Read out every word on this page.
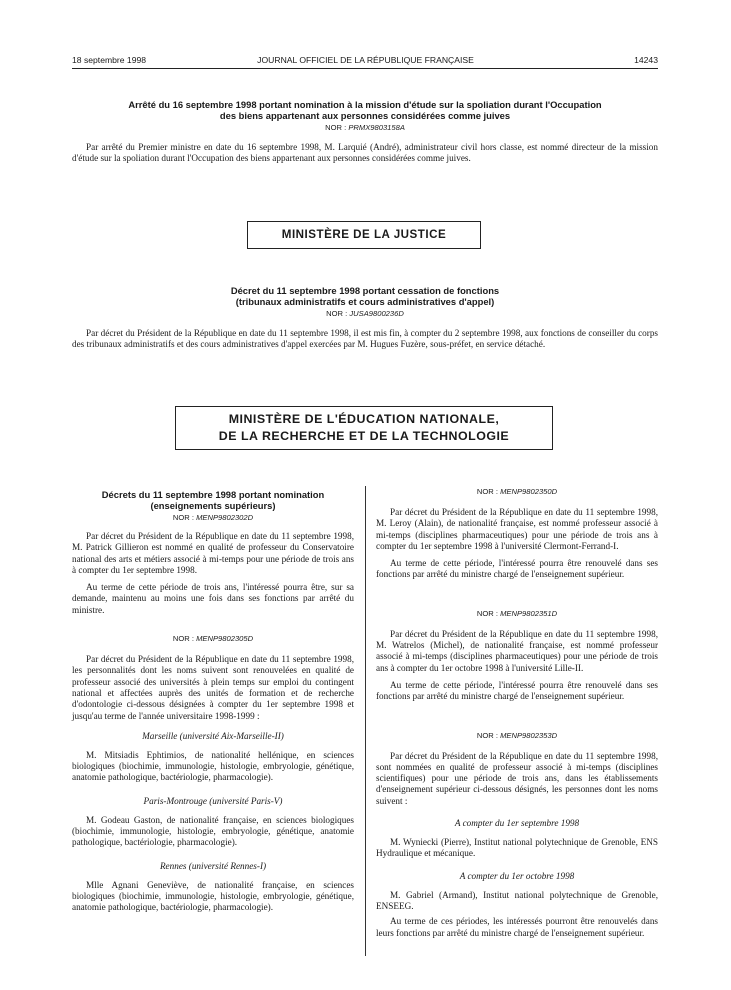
18 septembre 1998	JOURNAL OFFICIEL DE LA RÉPUBLIQUE FRANÇAISE	14243
Arrêté du 16 septembre 1998 portant nomination à la mission d'étude sur la spoliation durant l'Occupation
des biens appartenant aux personnes considérées comme juives
NOR : PRMX9803158A

Par arrêté du Premier ministre en date du 16 septembre 1998, M. Larquié (André), administrateur civil hors classe, est nommé directeur de la mission d'étude sur la spoliation durant l'Occupation des biens appartenant aux personnes considérées comme juives.

MINISTÈRE DE LA JUSTICE
Décret du 11 septembre 1998 portant cessation de fonctions
(tribunaux administratifs et cours administratives d'appel)
NOR : JUSA9800236D

Par décret du Président de la République en date du 11 septembre 1998, il est mis fin, à compter du 2 septembre 1998, aux fonctions de conseiller du corps des tribunaux administratifs et des cours administratives d'appel exercées par M. Hugues Fuzère, sous-préfet, en service détaché.

MINISTÈRE DE L'ÉDUCATION NATIONALE,
DE LA RECHERCHE ET DE LA TECHNOLOGIE
Décrets du 11 septembre 1998 portant nomination
(enseignements supérieurs)
NOR : MENP9802302D

Par décret du Président de la République en date du 11 septembre 1998, M. Patrick Gillieron est nommé en qualité de professeur du Conservatoire national des arts et métiers associé à mi-temps pour une période de trois ans à compter du 1er septembre 1998.

Au terme de cette période de trois ans, l'intéressé pourra être, sur sa demande, maintenu au moins une fois dans ses fonctions par arrêté du ministre.

NOR : MENP9802305D

Par décret du Président de la République en date du 11 septembre 1998, les personnalités dont les noms suivent sont renouvelées en qualité de professeur associé des universités à plein temps sur emploi du contingent national et affectées auprès des unités de formation et de recherche d'odontologie ci-dessous désignées à compter du 1er septembre 1998 et jusqu'au terme de l'année universitaire 1998-1999 :

Marseille (université Aix-Marseille-II)

M. Mitsiadis Ephtimios, de nationalité hellénique, en sciences biologiques (biochimie, immunologie, histologie, embryologie, génétique, anatomie pathologique, bactériologie, pharmacologie).

Paris-Montrouge (université Paris-V)

M. Godeau Gaston, de nationalité française, en sciences biologiques (biochimie, immunologie, histologie, embryologie, génétique, anatomie pathologique, bactériologie, pharmacologie).

Rennes (université Rennes-I)

Mlle Agnani Geneviève, de nationalité française, en sciences biologiques (biochimie, immunologie, histologie, embryologie, génétique, anatomie pathologique, bactériologie, pharmacologie).

NOR : MENP9802350D

Par décret du Président de la République en date du 11 septembre 1998, M. Leroy (Alain), de nationalité française, est nommé professeur associé à mi-temps (disciplines pharmaceutiques) pour une période de trois ans à compter du 1er septembre 1998 à l'université Clermont-Ferrand-I.

Au terme de cette période, l'intéressé pourra être renouvelé dans ses fonctions par arrêté du ministre chargé de l'enseignement supérieur.

NOR : MENP9802351D

Par décret du Président de la République en date du 11 septembre 1998, M. Watrelos (Michel), de nationalité française, est nommé professeur associé à mi-temps (disciplines pharmaceutiques) pour une période de trois ans à compter du 1er octobre 1998 à l'université Lille-II.

Au terme de cette période, l'intéressé pourra être renouvelé dans ses fonctions par arrêté du ministre chargé de l'enseignement supérieur.

NOR : MENP9802353D

Par décret du Président de la République en date du 11 septembre 1998, sont nommées en qualité de professeur associé à mi-temps (disciplines scientifiques) pour une période de trois ans, dans les établissements d'enseignement supérieur ci-dessous désignés, les personnes dont les noms suivent :

A compter du 1er septembre 1998

M. Wyniecki (Pierre), Institut national polytechnique de Grenoble, ENS Hydraulique et mécanique.

A compter du 1er octobre 1998

M. Gabriel (Armand), Institut national polytechnique de Grenoble, ENSEEG.

Au terme de ces périodes, les intéressés pourront être renouvelés dans leurs fonctions par arrêté du ministre chargé de l'enseignement supérieur.
